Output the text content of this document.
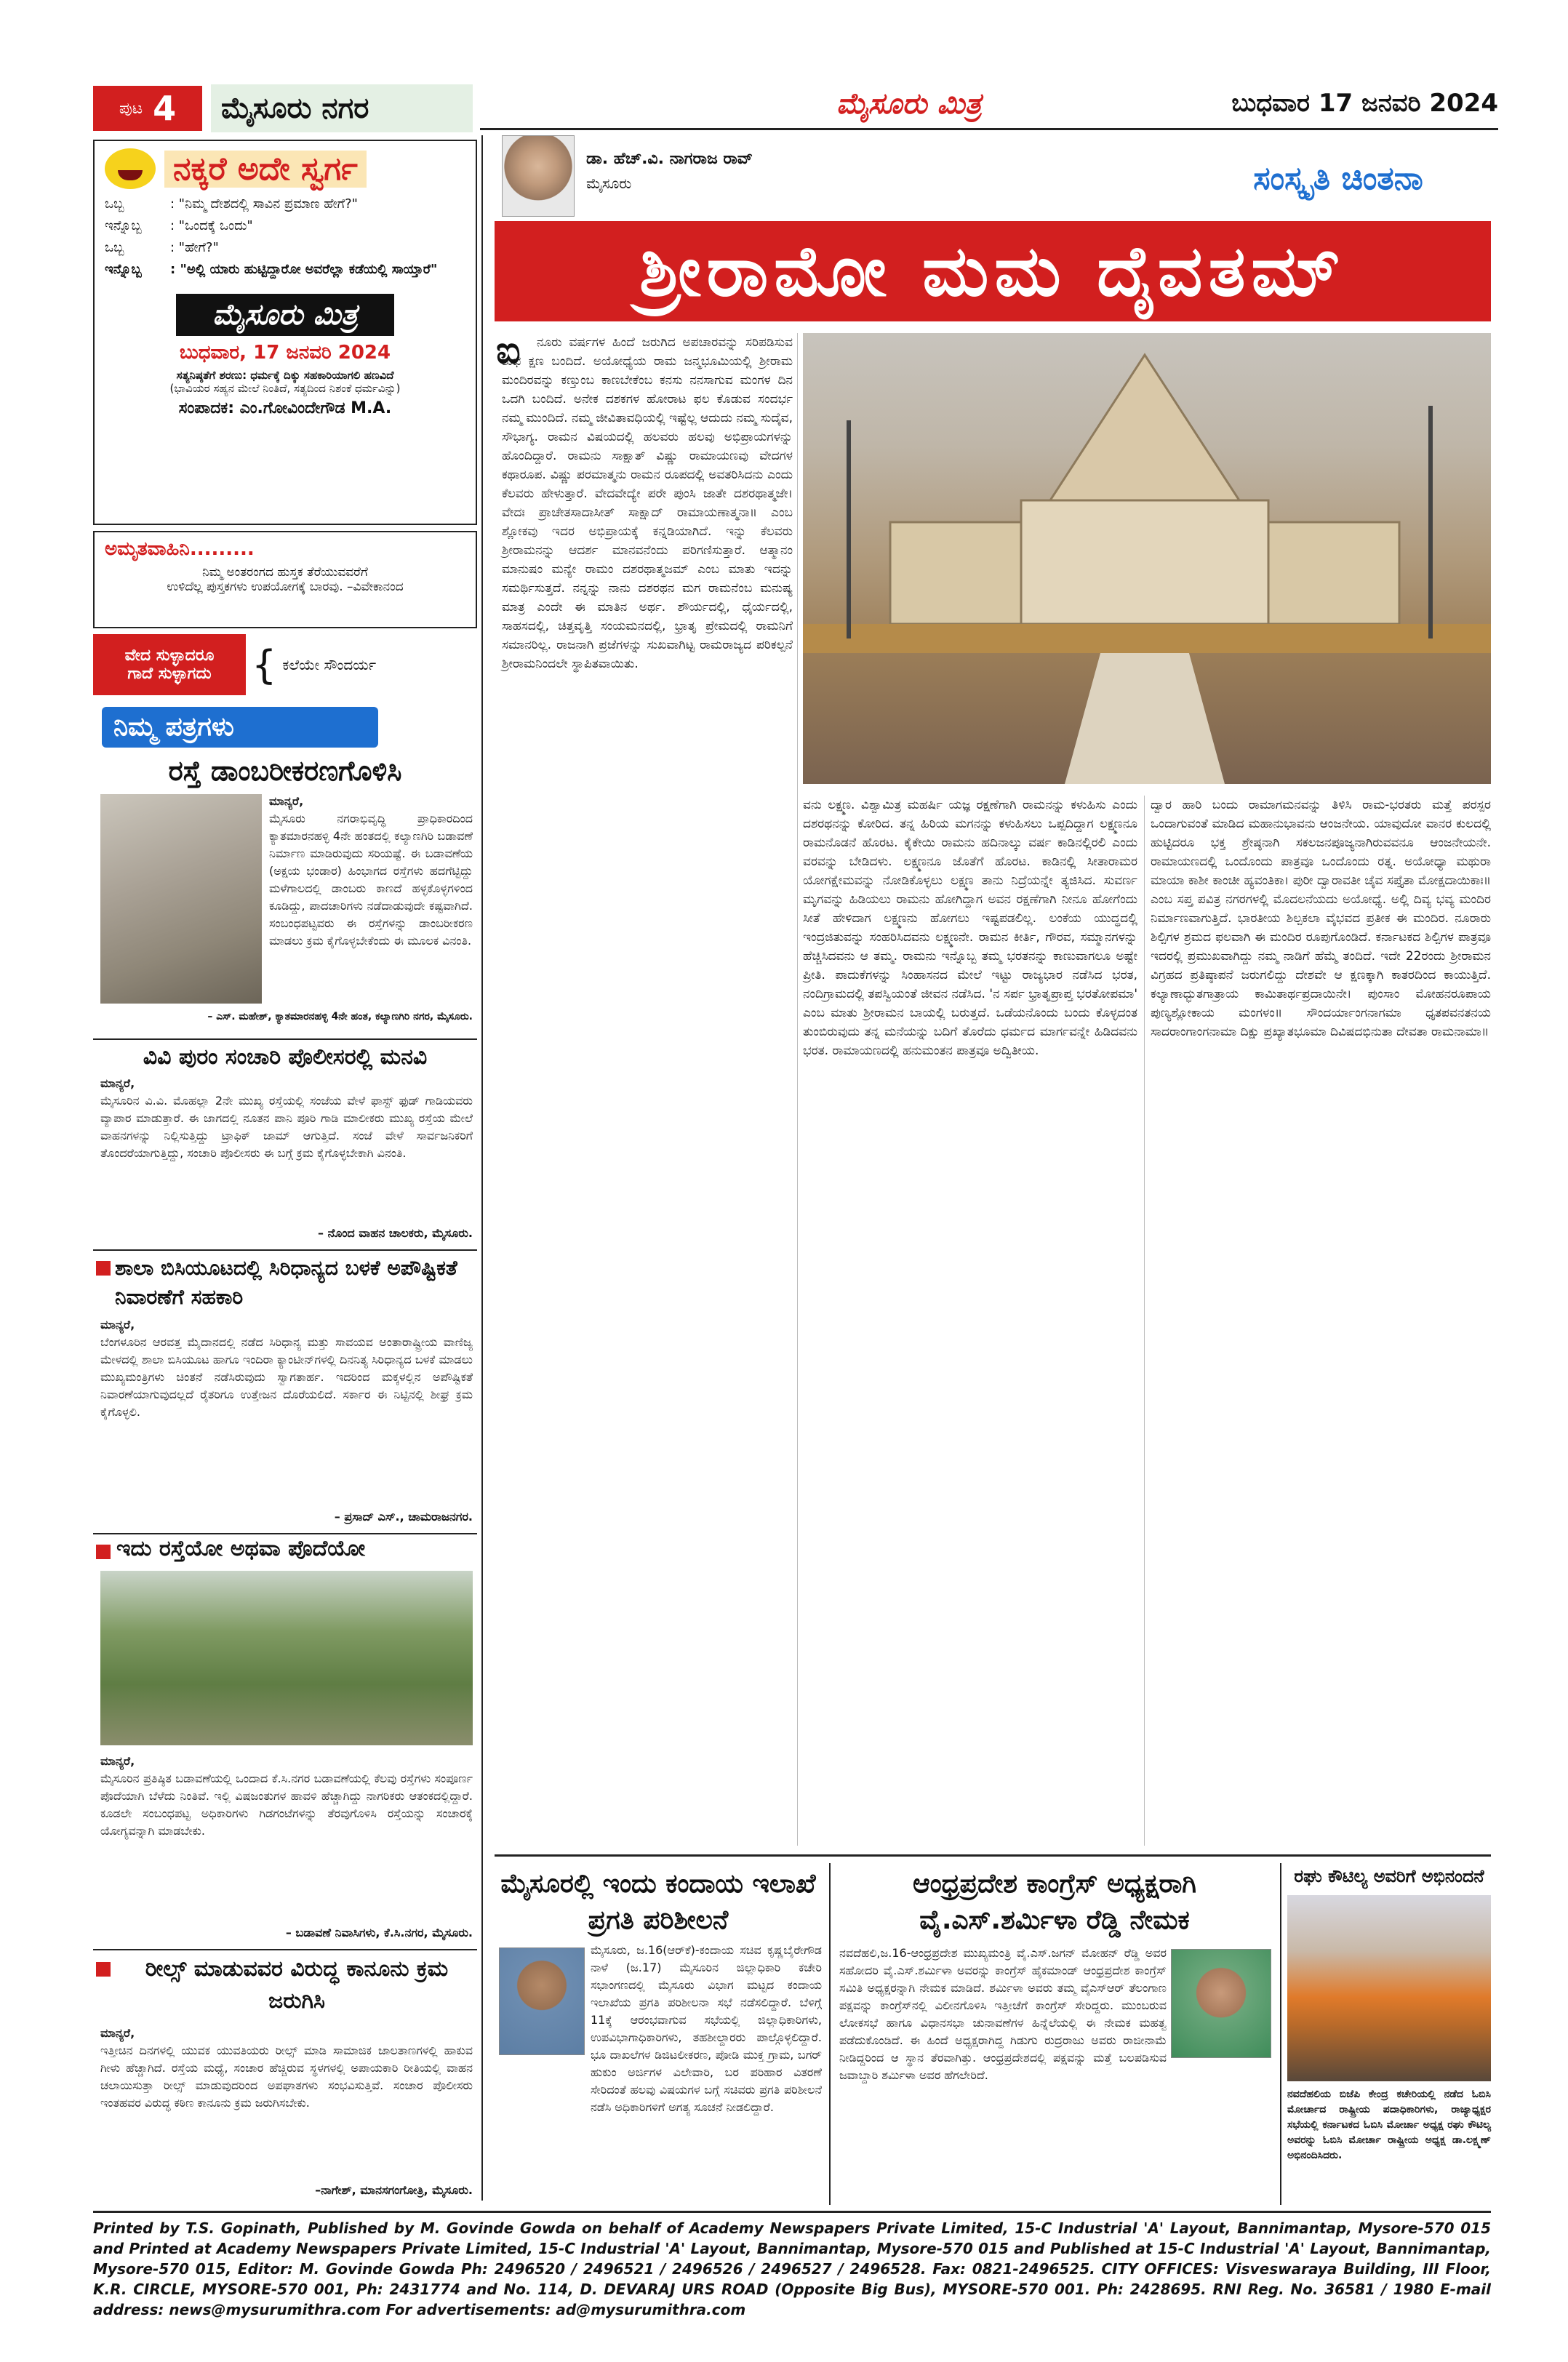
ಪುಟ 4	ಮೈಸೂರು ನಗರ	ಮೈಸೂರು ಮಿತ್ರ	ಬುಧವಾರ 17 ಜನವರಿ 2024
ನಕ್ಕರೆ ಅದೇ ಸ್ವರ್ಗ
ಒಬ್ಬ	: "ನಿಮ್ಮ ದೇಶದಲ್ಲಿ ಸಾವಿನ ಪ್ರಮಾಣ ಹೇಗೆ?"
ಇನ್ನೊಬ್ಬ : "ಒಂದಕ್ಕೆ ಒಂದು"
ಒಬ್ಬ	: "ಹೇಗೆ?"
ಇನ್ನೊಬ್ಬ : "ಅಲ್ಲಿ ಯಾರು ಹುಟ್ಟಿದ್ದಾರೋ ಅವರೆಲ್ಲಾ ಕಡೆಯಲ್ಲಿ ಸಾಯ್ತಾರೆ"
ಮೈಸೂರು ಮಿತ್ರ
ಬುಧವಾರ, 17 ಜನವರಿ 2024
ಸತ್ಯನಿಷ್ಠತೆಗೆ ಶರಣು: ಧರ್ಮಕ್ಕೆ ದಿಕ್ಕು ಸಹಕಾರಿಯಾಗಲಿ ಹಣವಿದೆ
(ಭಾವಿಯರ ಸಹ್ಯನ ಮೇಲೆ ನಿಂತಿದೆ, ಸತ್ಯದಿಂದ ನಿಶಂಕೆ ಧರ್ಮವಿನ್ನು)
ಸಂಪಾದಕ: ಎಂ.ಗೋವಿಂದೇಗೌಡ M.A.
ಅಮೃತವಾಹಿನಿ.........
ನಿಮ್ಮ ಅಂತರಂಗದ ಹುಸ್ತಕ ತೆರೆಯುವವರೆಗೆ
ಉಳಿದೆಲ್ಲ ಪುಸ್ತಕಗಳು ಉಪಯೋಗಕ್ಕೆ ಬಾರವು. –ವಿವೇಕಾನಂದ
ವೇದ ಸುಳ್ಳಾದರೂ
ಗಾದೆ ಸುಳ್ಳಾಗದು	{ ಕಲೆಯೇ ಸೌಂದರ್ಯ
ನಿಮ್ಮ ಪತ್ರಗಳು
ರಸ್ತೆ ಡಾಂಬರೀಕರಣಗೊಳಿಸಿ
ಮಾನ್ಯರೆ,
ಮೈಸೂರು ನಗರಾಭಿವೃದ್ಧಿ ಪ್ರಾಧಿಕಾರದಿಂದ ಕ್ಯಾತಮಾರನಹಳ್ಳಿ 4ನೇ ಹಂತದಲ್ಲಿ ಕಲ್ಯಾಣಗಿರಿ ಬಡಾವಣೆ ನಿರ್ಮಾಣ ಮಾಡಿರುವುದು ಸರಿಯಷ್ಟೆ. ಈ ಬಡಾವಣೆಯ (ಅಕ್ಷಯ ಭಂಡಾರ) ಹಿಂಭಾಗದ ರಸ್ತೆಗಳು ಹದಗೆಟ್ಟಿದ್ದು ಮಳೆಗಾಲದಲ್ಲಿ ಡಾಂಬರು ಕಾಣದೆ ಹಳ್ಳಕೊಳ್ಳಗಳಿಂದ ಕೂಡಿದ್ದು, ಪಾದಚಾರಿಗಳು ನಡೆದಾಡುವುದೇ ಕಷ್ಟವಾಗಿದೆ. ಸಂಬಂಧಪಟ್ಟವರು ಈ ರಸ್ತೆಗಳನ್ನು ಡಾಂಬರೀಕರಣ ಮಾಡಲು ಕ್ರಮ ಕೈಗೊಳ್ಳಬೇಕೆಂದು ಈ ಮೂಲಕ ವಿನಂತಿ.
– ಎಸ್. ಮಹೇಶ್, ಕ್ಯಾತಮಾರನಹಳ್ಳಿ 4ನೇ ಹಂತ, ಕಲ್ಯಾಣಗಿರಿ ನಗರ, ಮೈಸೂರು.
ವಿವಿ ಪುರಂ ಸಂಚಾರಿ ಪೊಲೀಸರಲ್ಲಿ ಮನವಿ
ಮಾನ್ಯರೆ,
ಮೈಸೂರಿನ ವಿ.ವಿ. ಮೊಹಲ್ಲಾ 2ನೇ ಮುಖ್ಯ ರಸ್ತೆಯಲ್ಲಿ ಸಂಜೆಯ ವೇಳೆ ಫಾಸ್ಟ್ ಫುಡ್ ಗಾಡಿಯವರು ವ್ಯಾಪಾರ ಮಾಡುತ್ತಾರೆ. ಈ ಜಾಗದಲ್ಲಿ ನೂತನ ಪಾನಿ ಪೂರಿ ಗಾಡಿ ಮಾಲೀಕರು ಮುಖ್ಯ ರಸ್ತೆಯ ಮೇಲೆ ವಾಹನಗಳನ್ನು ನಿಲ್ಲಿಸುತ್ತಿದ್ದು ಟ್ರಾಫಿಕ್ ಜಾಮ್ ಆಗುತ್ತಿದೆ. ಸಂಜೆ ವೇಳೆ ಸಾರ್ವಜನಿಕರಿಗೆ ತೊಂದರೆಯಾಗುತ್ತಿದ್ದು, ಸಂಚಾರಿ ಪೊಲೀಸರು ಈ ಬಗ್ಗೆ ಕ್ರಮ ಕೈಗೊಳ್ಳಬೇಕಾಗಿ ವಿನಂತಿ.
– ನೊಂದ ವಾಹನ ಚಾಲಕರು, ಮೈಸೂರು.
ಶಾಲಾ ಬಿಸಿಯೂಟದಲ್ಲಿ ಸಿರಿಧಾನ್ಯದ ಬಳಕೆ ಅಪೌಷ್ಟಿಕತೆ ನಿವಾರಣೆಗೆ ಸಹಕಾರಿ
ಮಾನ್ಯರೆ,
ಬೆಂಗಳೂರಿನ ಆರವತ್ತ ಮೈದಾನದಲ್ಲಿ ನಡೆದ ಸಿರಿಧಾನ್ಯ ಮತ್ತು ಸಾವಯವ ಅಂತಾರಾಷ್ಟ್ರೀಯ ವಾಣಿಜ್ಯ ಮೇಳದಲ್ಲಿ ಶಾಲಾ ಬಿಸಿಯೂಟ ಹಾಗೂ ಇಂದಿರಾ ಕ್ಯಾಂಟೀನ್‌ಗಳಲ್ಲಿ ದಿನನಿತ್ಯ ಸಿರಿಧಾನ್ಯದ ಬಳಕೆ ಮಾಡಲು ಮುಖ್ಯಮಂತ್ರಿಗಳು ಚಿಂತನೆ ನಡೆಸಿರುವುದು ಸ್ವಾಗತಾರ್ಹ. ಇದರಿಂದ ಮಕ್ಕಳಲ್ಲಿನ ಅಪೌಷ್ಟಿಕತೆ ನಿವಾರಣೆಯಾಗುವುದಲ್ಲದೆ ರೈತರಿಗೂ ಉತ್ತೇಜನ ದೊರೆಯಲಿದೆ. ಸರ್ಕಾರ ಈ ನಿಟ್ಟಿನಲ್ಲಿ ಶೀಘ್ರ ಕ್ರಮ ಕೈಗೊಳ್ಳಲಿ.
– ಪ್ರಸಾದ್ ಎಸ್., ಚಾಮರಾಜನಗರ.
ಇದು ರಸ್ತೆಯೋ ಅಥವಾ ಪೊದೆಯೋ
ಮಾನ್ಯರೆ,
ಮೈಸೂರಿನ ಪ್ರತಿಷ್ಠಿತ ಬಡಾವಣೆಯಲ್ಲಿ ಒಂದಾದ ಕೆ.ಸಿ.ನಗರ ಬಡಾವಣೆಯಲ್ಲಿ ಕೆಲವು ರಸ್ತೆಗಳು ಸಂಪೂರ್ಣ ಪೊದೆಯಾಗಿ ಬೆಳೆದು ನಿಂತಿವೆ. ಇಲ್ಲಿ ವಿಷಜಂತುಗಳ ಹಾವಳಿ ಹೆಚ್ಚಾಗಿದ್ದು ನಾಗರಿಕರು ಆತಂಕದಲ್ಲಿದ್ದಾರೆ. ಕೂಡಲೇ ಸಂಬಂಧಪಟ್ಟ ಅಧಿಕಾರಿಗಳು ಗಿಡಗಂಟೆಗಳನ್ನು ತೆರವುಗೊಳಿಸಿ ರಸ್ತೆಯನ್ನು ಸಂಚಾರಕ್ಕೆ ಯೋಗ್ಯವನ್ನಾಗಿ ಮಾಡಬೇಕು.
– ಬಡಾವಣೆ ನಿವಾಸಿಗಳು, ಕೆ.ಸಿ.ನಗರ, ಮೈಸೂರು.
ರೀಲ್ಸ್ ಮಾಡುವವರ ವಿರುದ್ಧ ಕಾನೂನು ಕ್ರಮ ಜರುಗಿಸಿ
ಮಾನ್ಯರೆ,
ಇತ್ತೀಚಿನ ದಿನಗಳಲ್ಲಿ ಯುವಕ ಯುವತಿಯರು ರೀಲ್ಸ್ ಮಾಡಿ ಸಾಮಾಜಿಕ ಜಾಲತಾಣಗಳಲ್ಲಿ ಹಾಕುವ ಗೀಳು ಹೆಚ್ಚಾಗಿದೆ. ರಸ್ತೆಯ ಮಧ್ಯೆ, ಸಂಚಾರ ಹೆಚ್ಚಿರುವ ಸ್ಥಳಗಳಲ್ಲಿ ಅಪಾಯಕಾರಿ ರೀತಿಯಲ್ಲಿ ವಾಹನ ಚಲಾಯಿಸುತ್ತಾ ರೀಲ್ಸ್ ಮಾಡುವುದರಿಂದ ಅಪಘಾತಗಳು ಸಂಭವಿಸುತ್ತಿವೆ. ಸಂಚಾರ ಪೊಲೀಸರು ಇಂತಹವರ ವಿರುದ್ಧ ಕಠಿಣ ಕಾನೂನು ಕ್ರಮ ಜರುಗಿಸಬೇಕು.
–ನಾಗೇಶ್, ಮಾನಸಗಂಗೋತ್ರಿ, ಮೈಸೂರು.
ಡಾ. ಹೆಚ್.ವಿ. ನಾಗರಾಜ ರಾವ್
ಮೈಸೂರು	ಸಂಸ್ಕೃತಿ ಚಿಂತನಾ
ಶ್ರೀರಾಮೋ ಮಮ ದೈವತಮ್
ಐ	ನೂರು ವರ್ಷಗಳ ಹಿಂದೆ ಜರುಗಿದ ಅಪಚಾರವನ್ನು ಸರಿಪಡಿಸುವ ಶುಭ ಕ್ಷಣ ಬಂದಿದೆ. ಅಯೋಧ್ಯೆಯ ರಾಮ ಜನ್ಮಭೂಮಿಯಲ್ಲಿ ಶ್ರೀರಾಮ ಮಂದಿರವನ್ನು ಕಣ್ತುಂಬ ಕಾಣಬೇಕೆಂಬ ಕನಸು ನನಸಾಗುವ ಮಂಗಳ ದಿನ ಒದಗಿ ಬಂದಿದೆ. ಅನೇಕ ದಶಕಗಳ ಹೋರಾಟ ಫಲ ಕೊಡುವ ಸಂದರ್ಭ ನಮ್ಮ ಮುಂದಿದೆ. ನಮ್ಮ ಜೀವಿತಾವಧಿಯಲ್ಲಿ ಇಷ್ಟೆಲ್ಲ ಆದುದು ನಮ್ಮ ಸುದೈವ, ಸೌಭಾಗ್ಯ. ರಾಮನ ವಿಷಯದಲ್ಲಿ ಹಲವರು ಹಲವು ಅಭಿಪ್ರಾಯಗಳನ್ನು ಹೊಂದಿದ್ದಾರೆ. ರಾಮನು ಸಾಕ್ಷಾತ್ ವಿಷ್ಣು ರಾಮಾಯಣವು ವೇದಗಳ ಕಥಾರೂಪ. ವಿಷ್ಣು ಪರಮಾತ್ಮನು ರಾಮನ ರೂಪದಲ್ಲಿ ಅವತರಿಸಿದನು ಎಂದು ಕೆಲವರು ಹೇಳುತ್ತಾರೆ. ವೇದವೇದ್ಯೇ ಪರೇ ಪುಂಸಿ ಜಾತೇ ದಶರಥಾತ್ಮಜೇ। ವೇದಃ ಪ್ರಾಚೇತಸಾದಾಸೀತ್ ಸಾಕ್ಷಾದ್ ರಾಮಾಯಣಾತ್ಮನಾ॥ ಎಂಬ ಶ್ಲೋಕವು ಇದರ ಅಭಿಪ್ರಾಯಕ್ಕೆ ಕನ್ನಡಿಯಾಗಿದೆ. ಇನ್ನು ಕೆಲವರು ಶ್ರೀರಾಮನನ್ನು ಆದರ್ಶ ಮಾನವನೆಂದು ಪರಿಗಣಿಸುತ್ತಾರೆ. ಆತ್ಮಾನಂ ಮಾನುಷಂ ಮನ್ಯೇ ರಾಮಂ ದಶರಥಾತ್ಮಜಮ್ ಎಂಬ ಮಾತು ಇದನ್ನು ಸಮರ್ಥಿಸುತ್ತದೆ. ನನ್ನನ್ನು ನಾನು ದಶರಥನ ಮಗ ರಾಮನೆಂಬ ಮನುಷ್ಯ ಮಾತ್ರ ಎಂದೇ ಈ ಮಾತಿನ ಅರ್ಥ. ಶೌರ್ಯದಲ್ಲಿ, ಧೈರ್ಯದಲ್ಲಿ, ಸಾಹಸದಲ್ಲಿ, ಚಿತ್ತವೃತ್ತಿ ಸಂಯಮನದಲ್ಲಿ, ಭ್ರಾತೃ ಪ್ರೇಮದಲ್ಲಿ ರಾಮನಿಗೆ ಸಮಾನರಿಲ್ಲ. ರಾಜನಾಗಿ ಪ್ರಜೆಗಳನ್ನು ಸುಖವಾಗಿಟ್ಟ ರಾಮರಾಜ್ಯದ ಪರಿಕಲ್ಪನೆ ಶ್ರೀರಾಮನಿಂದಲೇ ಸ್ಥಾಪಿತವಾಯಿತು.
ವನು ಲಕ್ಷ್ಮಣ. ವಿಶ್ವಾಮಿತ್ರ ಮಹರ್ಷಿ ಯಜ್ಞ ರಕ್ಷಣೆಗಾಗಿ ರಾಮನನ್ನು ಕಳುಹಿಸು ಎಂದು ದಶರಥನನ್ನು ಕೋರಿದ. ತನ್ನ ಹಿರಿಯ ಮಗನನ್ನು ಕಳುಹಿಸಲು ಒಪ್ಪದಿದ್ದಾಗ ಲಕ್ಷ್ಮಣನೂ ರಾಮನೊಡನೆ ಹೊರಟ. ಕೈಕೇಯಿ ರಾಮನು ಹದಿನಾಲ್ಕು ವರ್ಷ ಕಾಡಿನಲ್ಲಿರಲಿ ಎಂದು ವರವನ್ನು ಬೇಡಿದಳು. ಲಕ್ಷ್ಮಣನೂ ಜೊತೆಗೆ ಹೊರಟ. ಕಾಡಿನಲ್ಲಿ ಸೀತಾರಾಮರ ಯೋಗಕ್ಷೇಮವನ್ನು ನೋಡಿಕೊಳ್ಳಲು ಲಕ್ಷ್ಮಣ ತಾನು ನಿದ್ರೆಯನ್ನೇ ತ್ಯಜಿಸಿದ. ಸುವರ್ಣ ಮೃಗವನ್ನು ಹಿಡಿಯಲು ರಾಮನು ಹೋಗಿದ್ದಾಗ ಅವನ ರಕ್ಷಣೆಗಾಗಿ ನೀನೂ ಹೋಗೆಂದು ಸೀತೆ ಹೇಳಿದಾಗ ಲಕ್ಷ್ಮಣನು ಹೋಗಲು ಇಷ್ಟಪಡಲಿಲ್ಲ. ಲಂಕೆಯ ಯುದ್ಧದಲ್ಲಿ ಇಂದ್ರಜಿತುವನ್ನು ಸಂಹರಿಸಿದವನು ಲಕ್ಷ್ಮಣನೇ. ರಾಮನ ಕೀರ್ತಿ, ಗೌರವ, ಸಮ್ಮಾನಗಳನ್ನು ಹೆಚ್ಚಿಸಿದವನು ಆ ತಮ್ಮ. ರಾಮನು ಇನ್ನೊಬ್ಬ ತಮ್ಮ ಭರತನನ್ನು ಕಾಣುವಾಗಲೂ ಅಷ್ಟೇ ಪ್ರೀತಿ. ಪಾದುಕೆಗಳನ್ನು ಸಿಂಹಾಸನದ ಮೇಲೆ ಇಟ್ಟು ರಾಜ್ಯಭಾರ ನಡೆಸಿದ ಭರತ, ನಂದಿಗ್ರಾಮದಲ್ಲಿ ತಪಸ್ವಿಯಂತೆ ಜೀವನ ನಡೆಸಿದ. 'ನ ಸರ್ಪ ಭ್ರಾತೃಪ್ರಾಪ್ತ ಭರತೋಪಮಾ' ಎಂಬ ಮಾತು ಶ್ರೀರಾಮನ ಬಾಯಲ್ಲಿ ಬರುತ್ತದೆ. ಒಡೆಯನೊಂದು ಬಂದು ಕೊಳ್ಳದಂತ ತುಂಬಿರುವುದು ತನ್ನ ಮನೆಯನ್ನು ಬದಿಗೆ ತೊರೆದು ಧರ್ಮದ ಮಾರ್ಗವನ್ನೇ ಹಿಡಿದವನು ಭರತ. ರಾಮಾಯಣದಲ್ಲಿ ಹನುಮಂತನ ಪಾತ್ರವೂ ಅದ್ವಿತೀಯ.
ದ್ವಾರ ಹಾರಿ ಬಂದು ರಾಮಾಗಮನವನ್ನು ತಿಳಿಸಿ ರಾಮ-ಭರತರು ಮತ್ತೆ ಪರಸ್ಪರ ಒಂದಾಗುವಂತೆ ಮಾಡಿದ ಮಹಾನುಭಾವನು ಆಂಜನೇಯ. ಯಾವುದೋ ವಾನರ ಕುಲದಲ್ಲಿ ಹುಟ್ಟಿದರೂ ಭಕ್ತ ಶ್ರೇಷ್ಠನಾಗಿ ಸಕಲಜನಪೂಜ್ಯನಾಗಿರುವವನೂ ಆಂಜನೇಯನೇ. ರಾಮಾಯಣದಲ್ಲಿ ಒಂದೊಂದು ಪಾತ್ರವೂ ಒಂದೊಂದು ರತ್ನ. ಅಯೋಧ್ಯಾ ಮಥುರಾ ಮಾಯಾ ಕಾಶೀ ಕಾಂಚೀ ಹ್ಯವಂತಿಕಾ। ಪುರೀ ದ್ವಾರಾವತೀ ಚೈವ ಸಪ್ತೈತಾ ಮೋಕ್ಷದಾಯಿಕಾಃ॥ ಎಂಬ ಸಪ್ತ ಪವಿತ್ರ ನಗರಗಳಲ್ಲಿ ಮೊದಲನೆಯದು ಅಯೋಧ್ಯೆ. ಅಲ್ಲಿ ದಿವ್ಯ ಭವ್ಯ ಮಂದಿರ ನಿರ್ಮಾಣವಾಗುತ್ತಿದೆ. ಭಾರತೀಯ ಶಿಲ್ಪಕಲಾ ವೈಭವದ ಪ್ರತೀಕ ಈ ಮಂದಿರ. ನೂರಾರು ಶಿಲ್ಪಿಗಳ ಶ್ರಮದ ಫಲವಾಗಿ ಈ ಮಂದಿರ ರೂಪುಗೊಂಡಿದೆ. ಕರ್ನಾಟಕದ ಶಿಲ್ಪಿಗಳ ಪಾತ್ರವೂ ಇದರಲ್ಲಿ ಪ್ರಮುಖವಾಗಿದ್ದು ನಮ್ಮ ನಾಡಿಗೆ ಹೆಮ್ಮೆ ತಂದಿದೆ. ಇದೇ 22ರಂದು ಶ್ರೀರಾಮನ ವಿಗ್ರಹದ ಪ್ರತಿಷ್ಠಾಪನೆ ಜರುಗಲಿದ್ದು ದೇಶವೇ ಆ ಕ್ಷಣಕ್ಕಾಗಿ ಕಾತರದಿಂದ ಕಾಯುತ್ತಿದೆ. ಕಲ್ಯಾಣಾದ್ಭುತಗಾತ್ರಾಯ ಕಾಮಿತಾರ್ಥಪ್ರದಾಯಿನೇ। ಪುಂಸಾಂ ಮೋಹನರೂಪಾಯ ಪುಣ್ಯಶ್ಲೋಕಾಯ ಮಂಗಳಂ॥ ಸೌಂದರ್ಯಾಂಗನಾಗಮಾ ಧೃತಪವನತನಯ ಸಾದರಾಂಗಾಂಗನಾಮಾ ದಿಕ್ಷು ಪ್ರಖ್ಯಾತಭೂಮಾ ದಿವಿಷದಭಿನುತಾ ದೇವತಾ ರಾಮನಾಮಾ॥
ಮೈಸೂರಲ್ಲಿ ಇಂದು ಕಂದಾಯ ಇಲಾಖೆ ಪ್ರಗತಿ ಪರಿಶೀಲನೆ
ಮೈಸೂರು, ಜ.16(ಆರ್‌ಕೆ)-ಕಂದಾಯ ಸಚಿವ ಕೃಷ್ಣಬೈರೇಗೌಡ ನಾಳೆ (ಜ.17) ಮೈಸೂರಿನ ಜಿಲ್ಲಾಧಿಕಾರಿ ಕಚೇರಿ ಸಭಾಂಗಣದಲ್ಲಿ ಮೈಸೂರು ವಿಭಾಗ ಮಟ್ಟದ ಕಂದಾಯ ಇಲಾಖೆಯ ಪ್ರಗತಿ ಪರಿಶೀಲನಾ ಸಭೆ ನಡೆಸಲಿದ್ದಾರೆ. ಬೆಳಿಗ್ಗೆ 11ಕ್ಕೆ ಆರಂಭವಾಗುವ ಸಭೆಯಲ್ಲಿ ಜಿಲ್ಲಾಧಿಕಾರಿಗಳು, ಉಪವಿಭಾಗಾಧಿಕಾರಿಗಳು, ತಹಶೀಲ್ದಾರರು ಪಾಲ್ಗೊಳ್ಳಲಿದ್ದಾರೆ. ಭೂ ದಾಖಲೆಗಳ ಡಿಜಿಟಲೀಕರಣ, ಪೋಡಿ ಮುಕ್ತ ಗ್ರಾಮ, ಬಗರ್ ಹುಕುಂ ಅರ್ಜಿಗಳ ವಿಲೇವಾರಿ, ಬರ ಪರಿಹಾರ ವಿತರಣೆ ಸೇರಿದಂತೆ ಹಲವು ವಿಷಯಗಳ ಬಗ್ಗೆ ಸಚಿವರು ಪ್ರಗತಿ ಪರಿಶೀಲನೆ ನಡೆಸಿ ಅಧಿಕಾರಿಗಳಿಗೆ ಅಗತ್ಯ ಸೂಚನೆ ನೀಡಲಿದ್ದಾರೆ.
ಆಂಧ್ರಪ್ರದೇಶ ಕಾಂಗ್ರೆಸ್ ಅಧ್ಯಕ್ಷರಾಗಿ ವೈ.ಎಸ್.ಶರ್ಮಿಳಾ ರೆಡ್ಡಿ ನೇಮಕ
ನವದೆಹಲಿ,ಜ.16-ಆಂಧ್ರಪ್ರದೇಶ ಮುಖ್ಯಮಂತ್ರಿ ವೈ.ಎಸ್.ಜಗನ್ ಮೋಹನ್ ರೆಡ್ಡಿ ಅವರ ಸಹೋದರಿ ವೈ.ಎಸ್.ಶರ್ಮಿಳಾ ಅವರನ್ನು ಕಾಂಗ್ರೆಸ್ ಹೈಕಮಾಂಡ್ ಆಂಧ್ರಪ್ರದೇಶ ಕಾಂಗ್ರೆಸ್ ಸಮಿತಿ ಅಧ್ಯಕ್ಷರನ್ನಾಗಿ ನೇಮಕ ಮಾಡಿದೆ. ಶರ್ಮಿಳಾ ಅವರು ತಮ್ಮ ವೈಎಸ್‌ಆರ್ ತೆಲಂಗಾಣ ಪಕ್ಷವನ್ನು ಕಾಂಗ್ರೆಸ್‌ನಲ್ಲಿ ವಿಲೀನಗೊಳಿಸಿ ಇತ್ತೀಚೆಗೆ ಕಾಂಗ್ರೆಸ್ ಸೇರಿದ್ದರು. ಮುಂಬರುವ ಲೋಕಸಭೆ ಹಾಗೂ ವಿಧಾನಸಭಾ ಚುನಾವಣೆಗಳ ಹಿನ್ನೆಲೆಯಲ್ಲಿ ಈ ನೇಮಕ ಮಹತ್ವ ಪಡೆದುಕೊಂಡಿದೆ. ಈ ಹಿಂದೆ ಅಧ್ಯಕ್ಷರಾಗಿದ್ದ ಗಿಡುಗು ರುದ್ರರಾಜು ಅವರು ರಾಜೀನಾಮೆ ನೀಡಿದ್ದರಿಂದ ಆ ಸ್ಥಾನ ತೆರವಾಗಿತ್ತು. ಆಂಧ್ರಪ್ರದೇಶದಲ್ಲಿ ಪಕ್ಷವನ್ನು ಮತ್ತೆ ಬಲಪಡಿಸುವ ಜವಾಬ್ದಾರಿ ಶರ್ಮಿಳಾ ಅವರ ಹೆಗಲೇರಿದೆ.
ರಘು ಕೌಟಿಲ್ಯ ಅವರಿಗೆ ಅಭಿನಂದನೆ
ನವದೆಹಲಿಯ ಬಿಜೆಪಿ ಕೇಂದ್ರ ಕಚೇರಿಯಲ್ಲಿ ನಡೆದ ಓಬಿಸಿ ಮೋರ್ಚಾದ ರಾಷ್ಟ್ರೀಯ ಪದಾಧಿಕಾರಿಗಳು, ರಾಜ್ಯಾಧ್ಯಕ್ಷರ ಸಭೆಯಲ್ಲಿ ಕರ್ನಾಟಕದ ಓಬಿಸಿ ಮೋರ್ಚಾ ಅಧ್ಯಕ್ಷ ರಘು ಕೌಟಿಲ್ಯ ಅವರನ್ನು ಓಬಿಸಿ ಮೋರ್ಚಾ ರಾಷ್ಟ್ರೀಯ ಅಧ್ಯಕ್ಷ ಡಾ.ಲಕ್ಷ್ಮಣ್ ಅಭಿನಂದಿಸಿದರು.
Printed by T.S. Gopinath, Published by M. Govinde Gowda on behalf of Academy Newspapers Private Limited, 15-C Industrial 'A' Layout, Bannimantap, Mysore-570 015 and Printed at Academy Newspapers Private Limited, 15-C Industrial 'A' Layout, Bannimantap, Mysore-570 015 and Published at 15-C Industrial 'A' Layout, Bannimantap, Mysore-570 015, Editor: M. Govinde Gowda Ph: 2496520 / 2496521 / 2496526 / 2496527 / 2496528. Fax: 0821-2496525. CITY OFFICES: Visveswaraya Building, III Floor, K.R. CIRCLE, MYSORE-570 001, Ph: 2431774 and No. 114, D. DEVARAJ URS ROAD (Opposite Big Bus), MYSORE-570 001. Ph: 2428695. RNI Reg. No. 36581 / 1980 E-mail address: news@mysurumithra.com For advertisements: ad@mysurumithra.com
